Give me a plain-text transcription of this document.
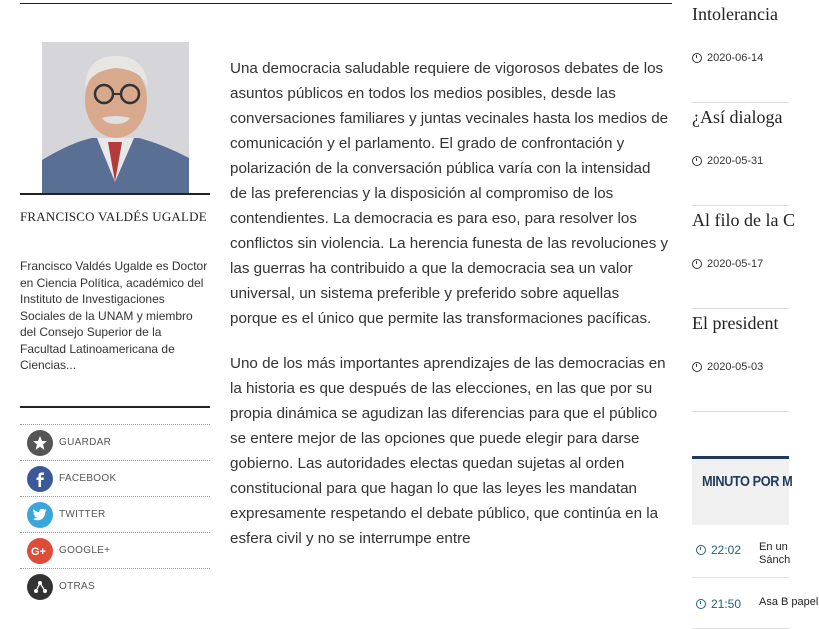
FRANCISCO VALDÉS UGALDE
Francisco Valdés Ugalde es Doctor en Ciencia Política, académico del Instituto de Investigaciones Sociales de la UNAM y miembro del Consejo Superior de la Facultad Latinoamericana de Ciencias...
GUARDAR
FACEBOOK
TWITTER
G+ GOOGLE+
OTRAS

Una democracia saludable requiere de vigorosos debates de los asuntos públicos en todos los medios posibles, desde las conversaciones familiares y juntas vecinales hasta los medios de comunicación y el parlamento. El grado de confrontación y polarización de la conversación pública varía con la intensidad de las preferencias y la disposición al compromiso de los contendientes. La democracia es para eso, para resolver los conflictos sin violencia. La herencia funesta de las revoluciones y las guerras ha contribuido a que la democracia sea un valor universal, un sistema preferible y preferido sobre aquellas porque es el único que permite las transformaciones pacíficas.

Uno de los más importantes aprendizajes de las democracias en la historia es que después de las elecciones, en las que por su propia dinámica se agudizan las diferencias para que el público se entere mejor de las opciones que puede elegir para darse gobierno. Las autoridades electas quedan sujetas al orden constitucional para que hagan lo que las leyes les mandatan expresamente respetando el debate público, que continúa en la esfera civil y no se interrumpe entre

Intolerancia
2020-06-14
¿Así dialoga
2020-05-31
Al filo de la C
2020-05-17
El president
2020-05-03
MINUTO POR M
22:02 En un Sánch
21:50 Asa B papel
